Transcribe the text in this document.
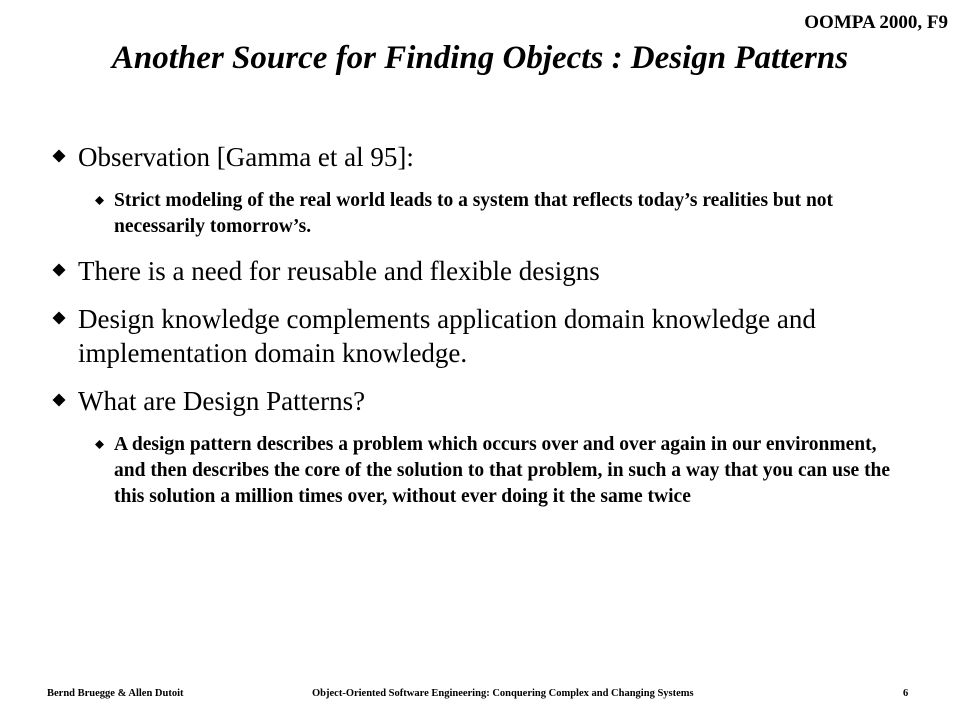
OOMPA 2000, F9
Another Source for Finding Objects : Design Patterns
Observation [Gamma et al 95]:
Strict modeling of the real world leads to a system that reflects today’s realities but not necessarily tomorrow’s.
There is a need for reusable and flexible designs
Design knowledge complements application domain knowledge and implementation domain knowledge.
What are Design Patterns?
A design pattern describes a problem which occurs over and over again in our environment, and then describes the core of the solution to that problem, in such a way that you can use the this solution a million times over, without ever doing it the same twice
Bernd Bruegge & Allen Dutoit	Object-Oriented Software Engineering: Conquering Complex and Changing Systems	6
